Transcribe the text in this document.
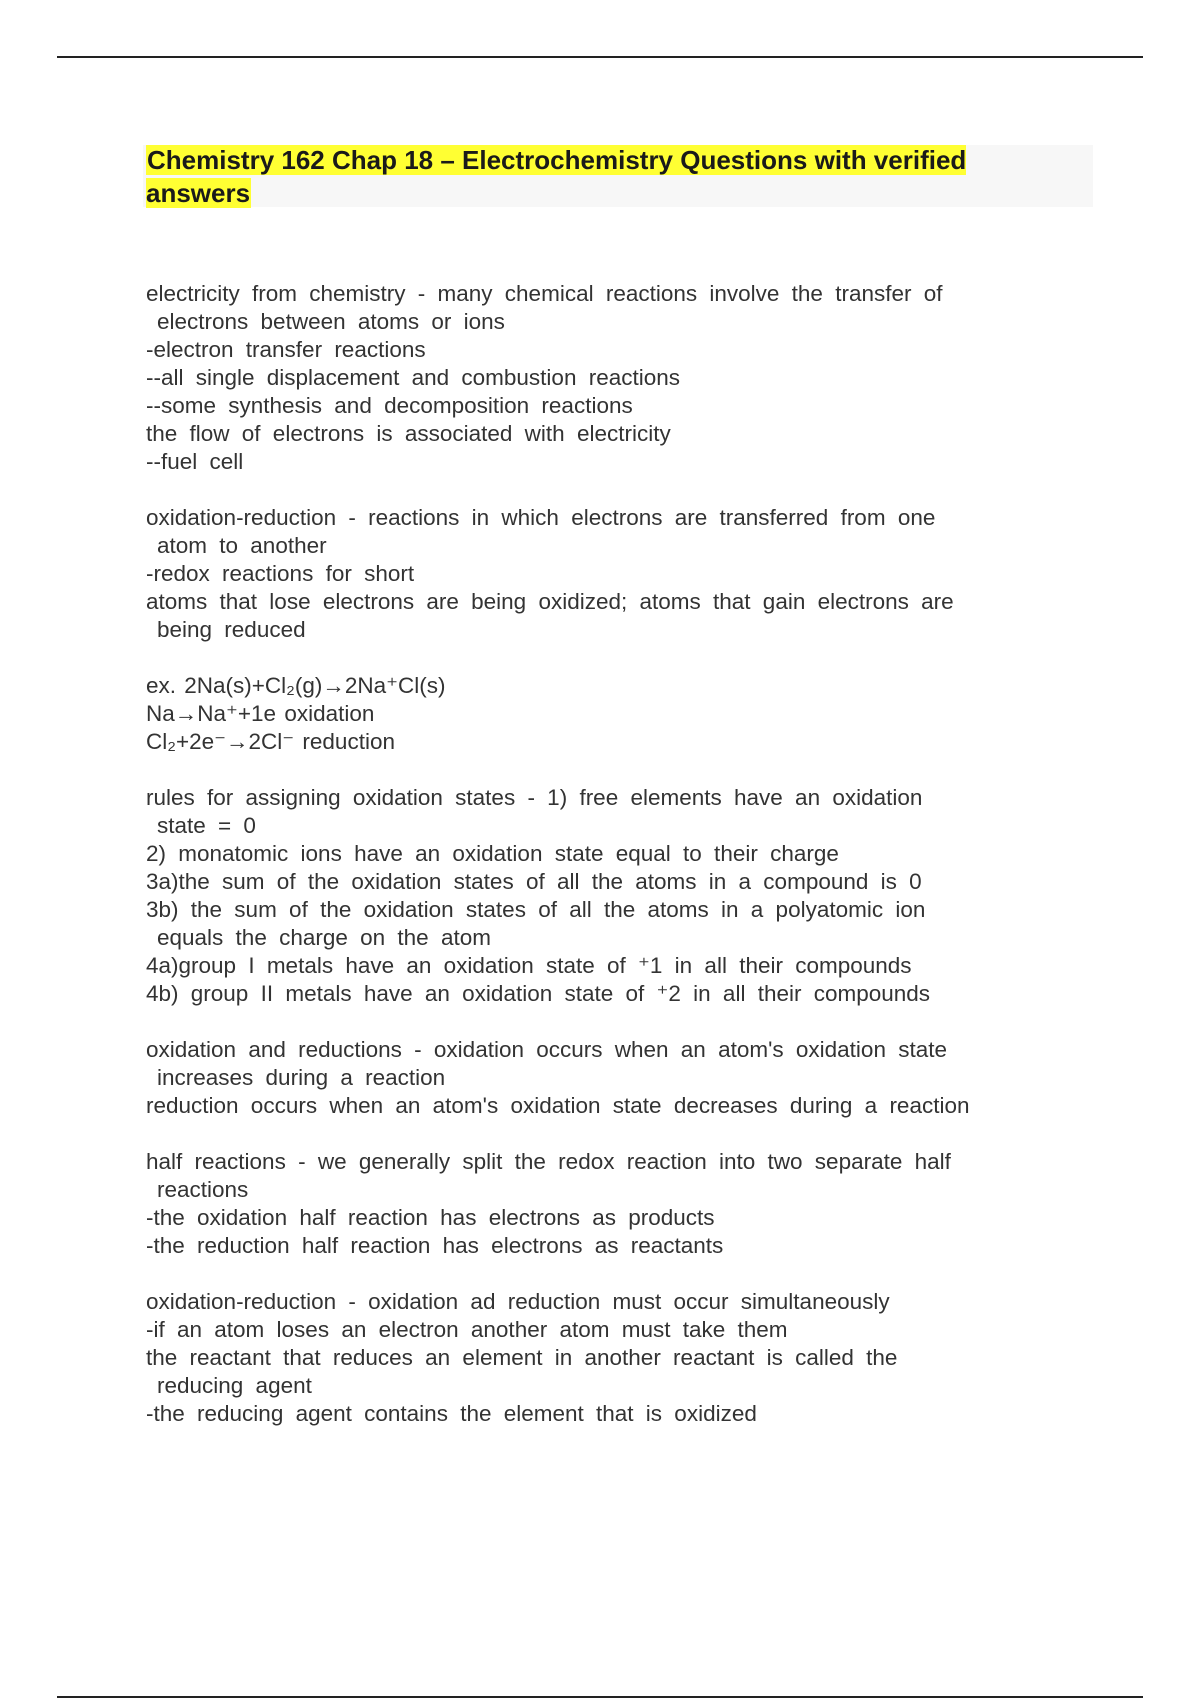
Chemistry 162 Chap 18 – Electrochemistry Questions with verified answers
electricity from chemistry - many chemical reactions involve the transfer of
electrons between atoms or ions
-electron transfer reactions
--all single displacement and combustion reactions
--some synthesis and decomposition reactions
the flow of electrons is associated with electricity
--fuel cell
oxidation-reduction - reactions in which electrons are transferred from one
atom to another
-redox reactions for short
atoms that lose electrons are being oxidized; atoms that gain electrons are
being reduced
ex. 2Na(s)+Cl₂(g)→2Na⁺Cl(s)
Na→Na⁺+1e oxidation
Cl₂+2e⁻→2Cl⁻ reduction
rules for assigning oxidation states - 1) free elements have an oxidation
state = 0
2) monatomic ions have an oxidation state equal to their charge
3a)the sum of the oxidation states of all the atoms in a compound is 0
3b) the sum of the oxidation states of all the atoms in a polyatomic ion
equals the charge on the atom
4a)group I metals have an oxidation state of ⁺1 in all their compounds
4b) group II metals have an oxidation state of ⁺2 in all their compounds
oxidation and reductions - oxidation occurs when an atom's oxidation state
increases during a reaction
reduction occurs when an atom's oxidation state decreases during a reaction
half reactions - we generally split the redox reaction into two separate half
reactions
-the oxidation half reaction has electrons as products
-the reduction half reaction has electrons as reactants
oxidation-reduction - oxidation ad reduction must occur simultaneously
-if an atom loses an electron another atom must take them
the reactant that reduces an element in another reactant is called the
reducing agent
-the reducing agent contains the element that is oxidized
